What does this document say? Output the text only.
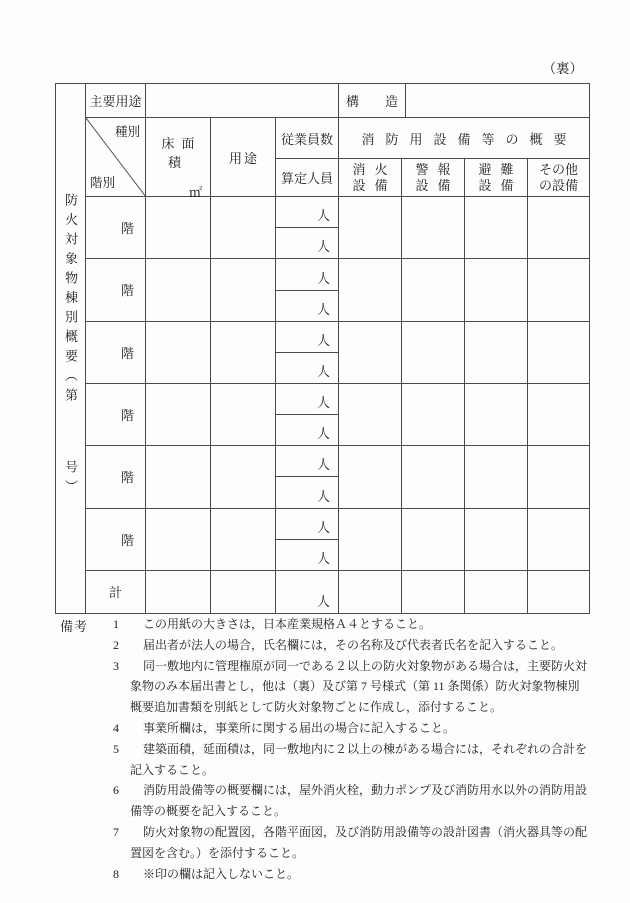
（裏）
防火対象物棟別概要（第
号）
主要用途	構　　造
種別
階別
床面積
㎡
用途
従業員数
算定人員
消防用設備等の概要
消火
設備
警報
設備
避難
設備
その他
の設備
階
人
人
階
人
人
階
人
人
階
人
人
階
人
人
階
人
人
計
人
備考 1 この用紙の大きさは，日本産業規格Ａ４とすること。
2 届出者が法人の場合，氏名欄には，その名称及び代表者氏名を記入すること。
3 同一敷地内に管理権原が同一である２以上の防火対象物がある場合は，主要防火対
象物のみ本届出書とし，他は（裏）及び第 7 号様式（第 11 条関係）防火対象物棟別
概要追加書類を別紙として防火対象物ごとに作成し，添付すること。
4 事業所欄は，事業所に関する届出の場合に記入すること。
5 建築面積，延面積は，同一敷地内に２以上の棟がある場合には，それぞれの合計を
記入すること。
6 消防用設備等の概要欄には，屋外消火栓，動力ポンプ及び消防用水以外の消防用設
備等の概要を記入すること。
7 防火対象物の配置図，各階平面図，及び消防用設備等の設計図書（消火器具等の配
置図を含む。）を添付すること。
8 ※印の欄は記入しないこと。
